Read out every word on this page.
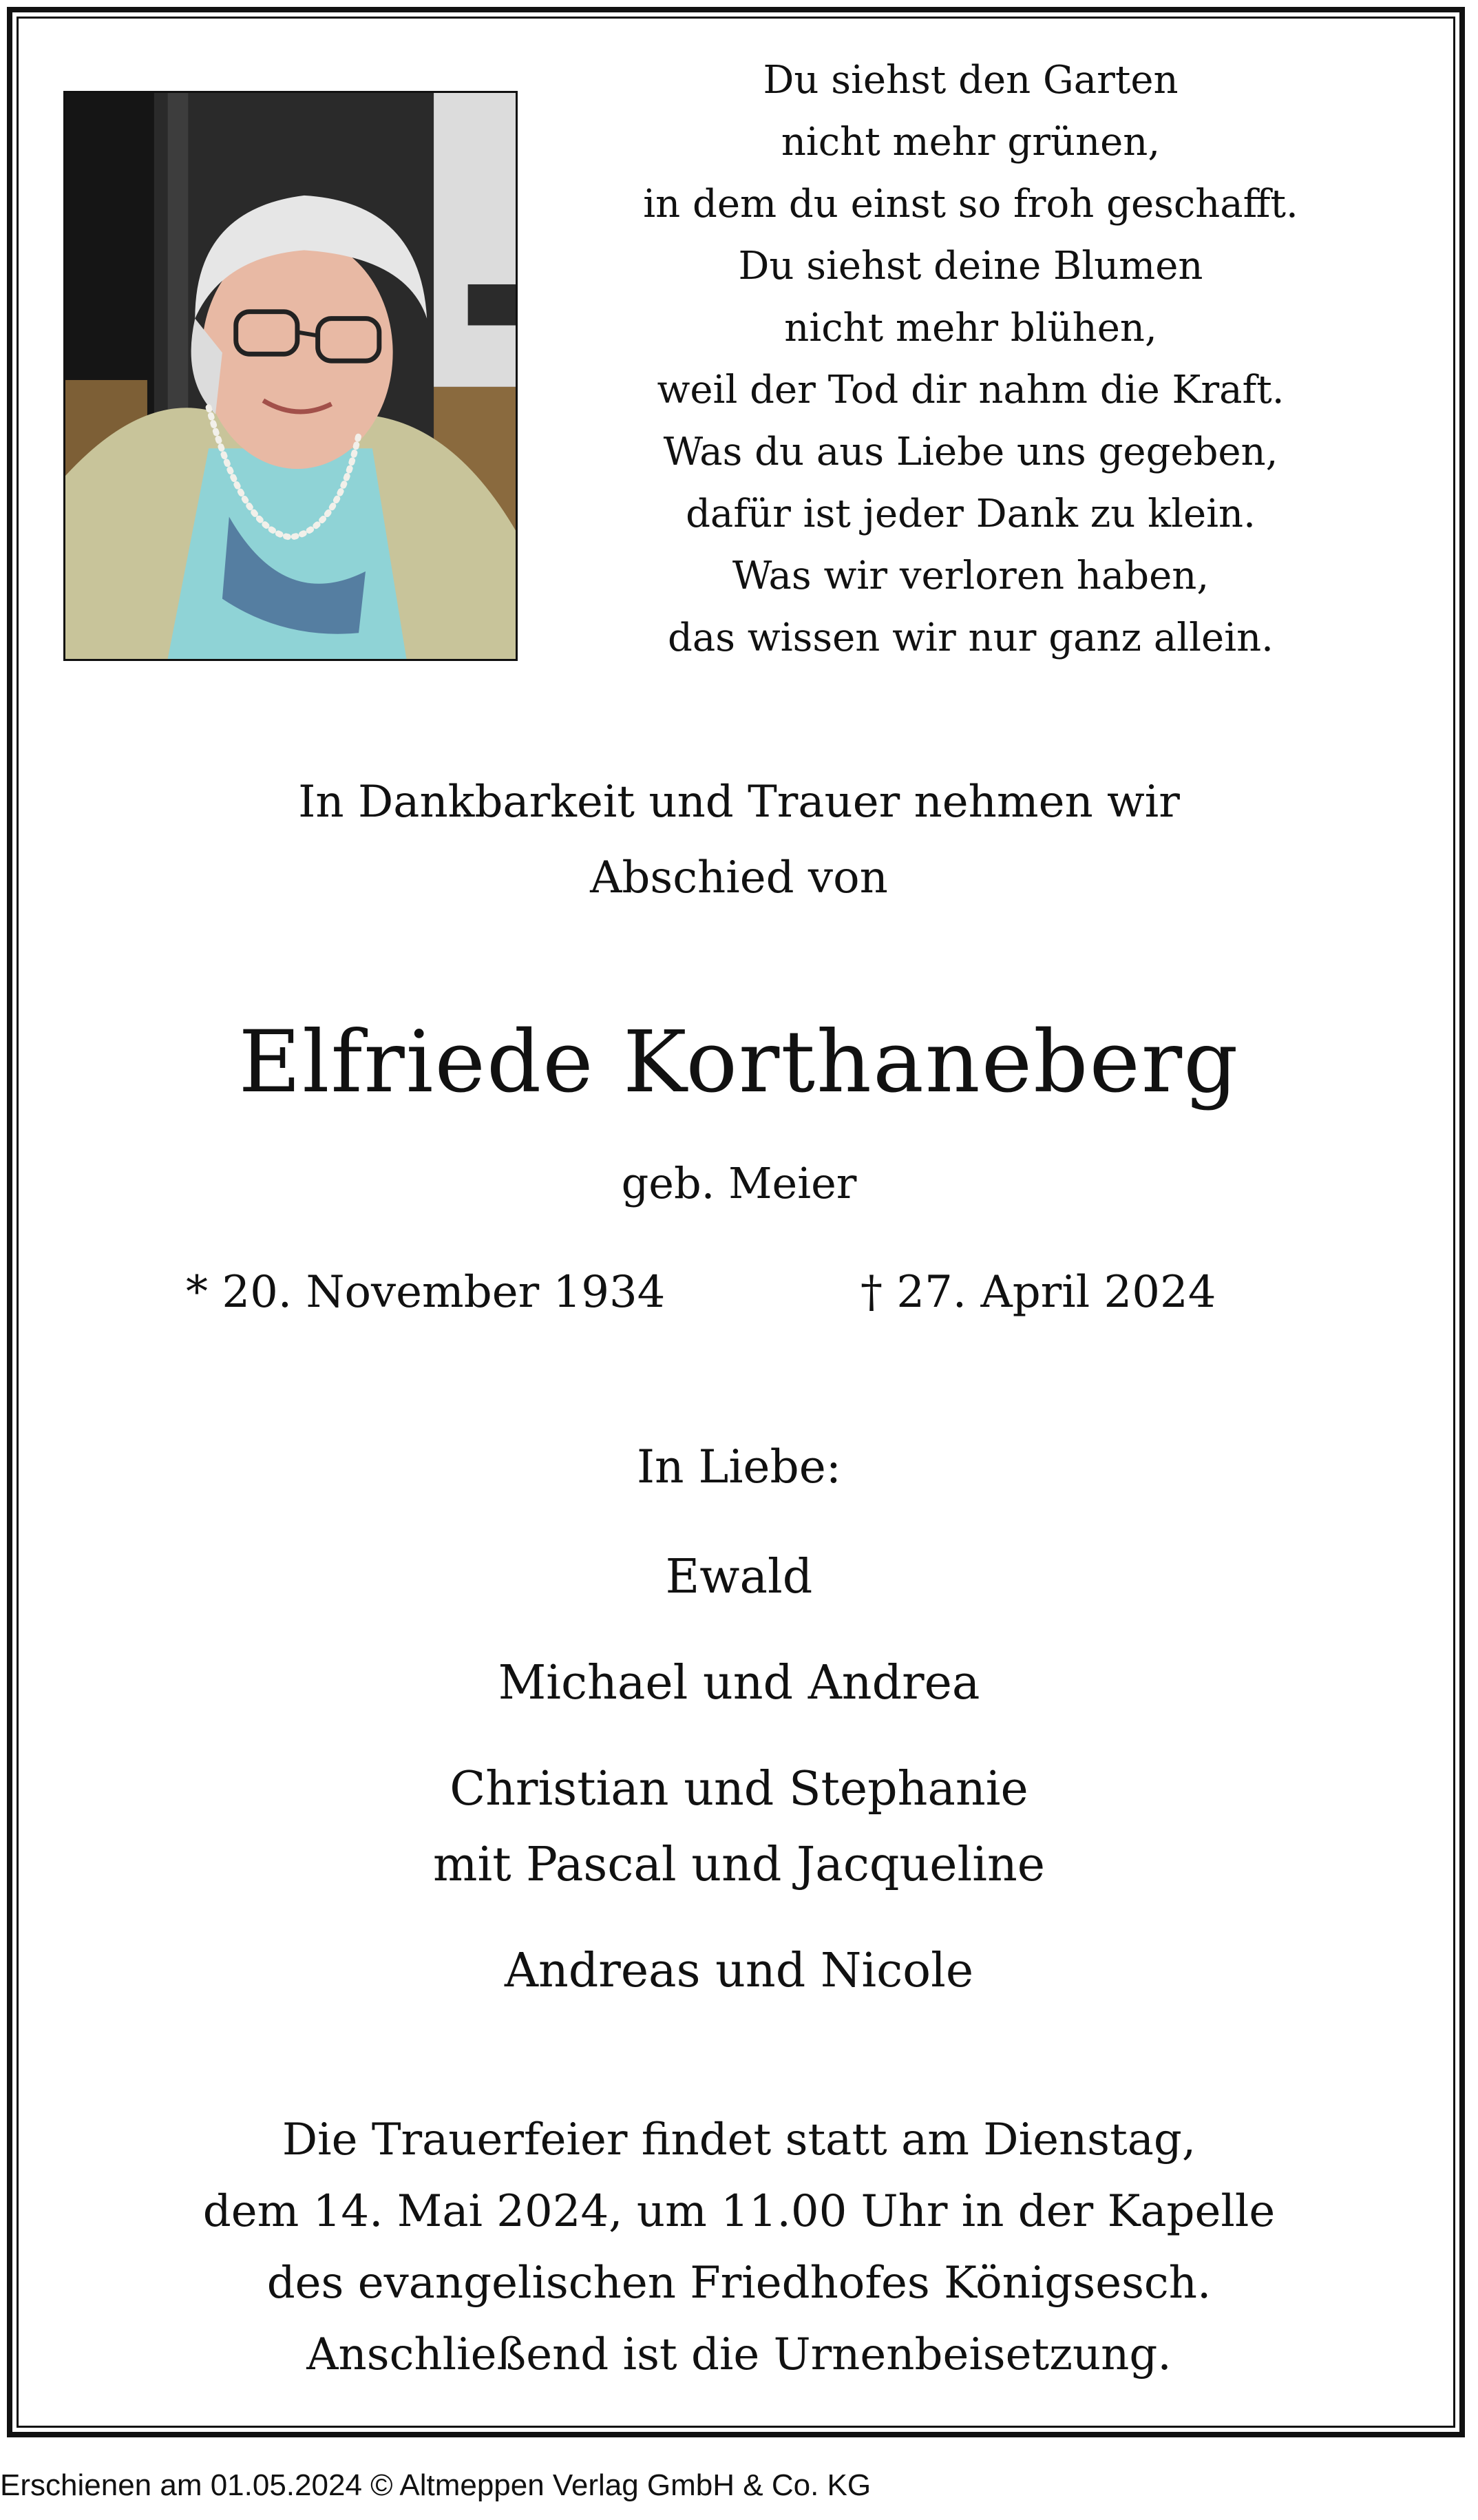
Du siehst den Garten
nicht mehr grünen,
in dem du einst so froh geschafft.
Du siehst deine Blumen
nicht mehr blühen,
weil der Tod dir nahm die Kraft.
Was du aus Liebe uns gegeben,
dafür ist jeder Dank zu klein.
Was wir verloren haben,
das wissen wir nur ganz allein.
In Dankbarkeit und Trauer nehmen wir
Abschied von
Elfriede Korthaneberg
geb. Meier
* 20. November 1934	† 27. April 2024
In Liebe:
Ewald
Michael und Andrea
Christian und Stephanie
mit Pascal und Jacqueline
Andreas und Nicole
Die Trauerfeier findet statt am Dienstag,
dem 14. Mai 2024, um 11.00 Uhr in der Kapelle
des evangelischen Friedhofes Königsesch.
Anschließend ist die Urnenbeisetzung.
Erschienen am 01.05.2024 © Altmeppen Verlag GmbH & Co. KG
